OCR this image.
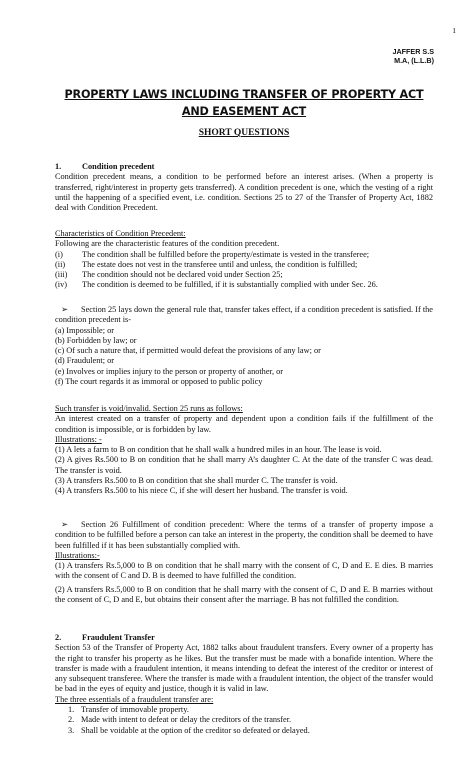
1
JAFFER S.S
M.A, (L.L.B)
PROPERTY LAWS INCLUDING TRANSFER OF PROPERTY ACT
AND EASEMENT ACT
SHORT QUESTIONS
1.	Condition precedent

Condition precedent means, a condition to be performed before an interest arises. (When a property is transferred, right/interest in property gets transferred). A condition precedent is one, which the vesting of a right until the happening of a specified event, i.e. condition. Sections 25 to 27 of the Transfer of Property Act, 1882 deal with Condition Precedent.

Characteristics of Condition Precedent:

Following are the characteristic features of the condition precedent.

(i)	The condition shall be fulfilled before the property/estimate is vested in the transferee;
(ii)	The estate does not vest in the transferee until and unless, the condition is fulfilled;
(iii)	The condition should not be declared void under Section 25;
(iv)	The condition is deemed to be fulfilled, if it is substantially complied with under Sec. 26.

➢ Section 25 lays down the general rule that, transfer takes effect, if a condition precedent is satisfied. If the condition precedent is-

(a) Impossible; or

(b) Forbidden by law; or

(c) Of such a nature that, if permitted would defeat the provisions of any law; or

(d) Fraudulent; or

(e) Involves or implies injury to the person or property of another, or

(f) The court regards it as immoral or opposed to public policy

Such transfer is void/invalid. Section 25 runs as follows:

An interest created on a transfer of property and dependent upon a condition fails if the fulfillment of the condition is impossible, or is forbidden by law.

Illustrations: -

(1) A lets a farm to B on condition that he shall walk a hundred miles in an hour. The lease is void.

(2) A gives Rs.500 to B on condition that he shall marry A’s daughter C. At the date of the transfer C was dead. The transfer is void.

(3) A transfers Rs.500 to B on condition that she shall murder C. The transfer is void.

(4) A transfers Rs.500 to his niece C, if she will desert her husband. The transfer is void.

➢ Section 26 Fulfillment of condition precedent: Where the terms of a transfer of property impose a condition to be fulfilled before a person can take an interest in the property, the condition shall be deemed to have been fulfilled if it has been substantially complied with.

Illustrations:-

(1) A transfers Rs.5,000 to B on condition that he shall marry with the consent of C, D and E. E dies. B marries with the consent of C and D. B is deemed to have fulfilled the condition.

(2) A transfers Rs.5,000 to B on condition that he shall marry with the consent of C, D and E. B marries without the consent of C, D and E, but obtains their consent after the marriage. B has not fulfilled the condition.

2.	Fraudulent Transfer

Section 53 of the Transfer of Property Act, 1882 talks about fraudulent transfers. Every owner of a property has the right to transfer his property as he likes. But the transfer must be made with a bonafide intention. Where the transfer is made with a fraudulent intention, it means intending to defeat the interest of the creditor or interest of any subsequent transferee. Where the transfer is made with a fraudulent intention, the object of the transfer would be bad in the eyes of equity and justice, though it is valid in law.

The three essentials of a fraudulent transfer are:

1. Transfer of immovable property.
2. Made with intent to defeat or delay the creditors of the transfer.
3. Shall be voidable at the option of the creditor so defeated or delayed.
